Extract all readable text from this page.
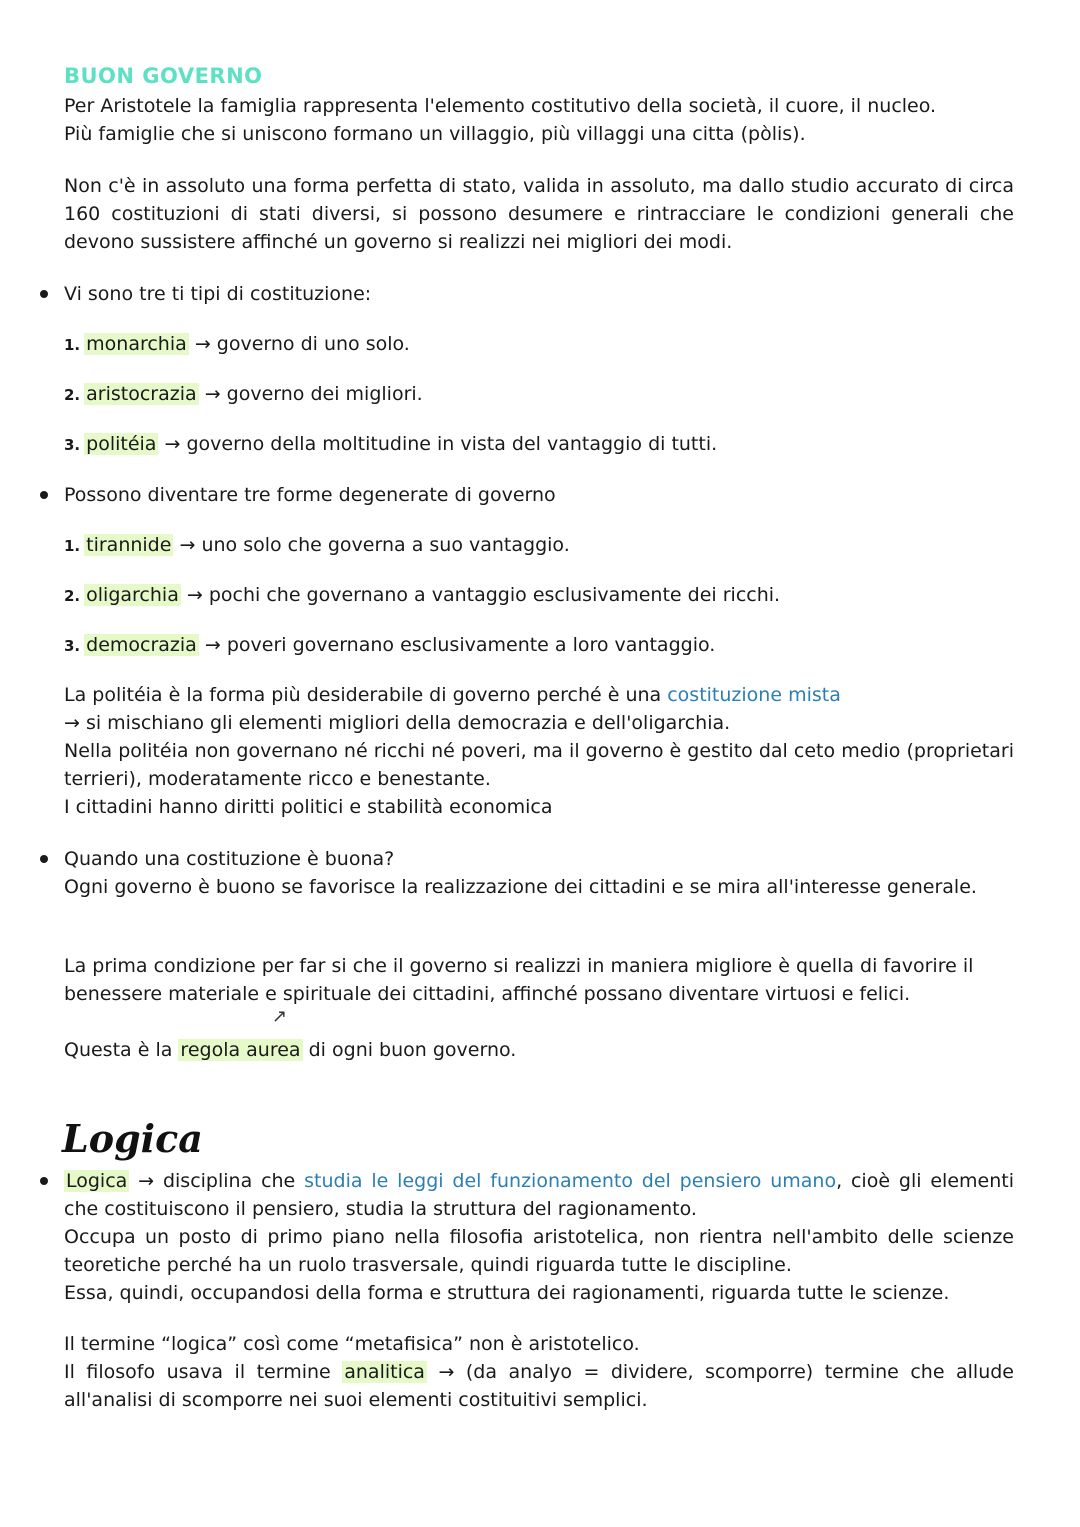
BUON GOVERNO
Per Aristotele la famiglia rappresenta l'elemento costitutivo della società, il cuore, il nucleo.
Più famiglie che si uniscono formano un villaggio, più villaggi una citta (pòlis).
Non c'è in assoluto una forma perfetta di stato, valida in assoluto, ma dallo studio accurato di circa 160 costituzioni di stati diversi, si possono desumere e rintracciare le condizioni generali che devono sussistere affinché un governo si realizzi nei migliori dei modi.
Vi sono tre ti tipi di costituzione:
1. monarchia → governo di uno solo.
2. aristocrazia → governo dei migliori.
3. politéia → governo della moltitudine in vista del vantaggio di tutti.
Possono diventare tre forme degenerate di governo
1. tirannide → uno solo che governa a suo vantaggio.
2. oligarchia → pochi che governano a vantaggio esclusivamente dei ricchi.
3. democrazia → poveri governano esclusivamente a loro vantaggio.
La politéia è la forma più desiderabile di governo perché è una costituzione mista
→ si mischiano gli elementi migliori della democrazia e dell'oligarchia.
Nella politéia non governano né ricchi né poveri, ma il governo è gestito dal ceto medio (proprietari terrieri), moderatamente ricco e benestante.
I cittadini hanno diritti politici e stabilità economica
Quando una costituzione è buona?
Ogni governo è buono se favorisce la realizzazione dei cittadini e se mira all'interesse generale.
La prima condizione per far si che il governo si realizzi in maniera migliore è quella di favorire il benessere materiale e spirituale dei cittadini, affinché possano diventare virtuosi e felici.
↗
Questa è la regola aurea di ogni buon governo.
Logica
Logica → disciplina che studia le leggi del funzionamento del pensiero umano, cioè gli elementi che costituiscono il pensiero, studia la struttura del ragionamento.
Occupa un posto di primo piano nella filosofia aristotelica, non rientra nell'ambito delle scienze teoretiche perché ha un ruolo trasversale, quindi riguarda tutte le discipline.
Essa, quindi, occupandosi della forma e struttura dei ragionamenti, riguarda tutte le scienze.
Il termine “logica” così come “metafisica” non è aristotelico.
Il filosofo usava il termine analitica → (da analyo = dividere, scomporre) termine che allude all'analisi di scomporre nei suoi elementi costituitivi semplici.
